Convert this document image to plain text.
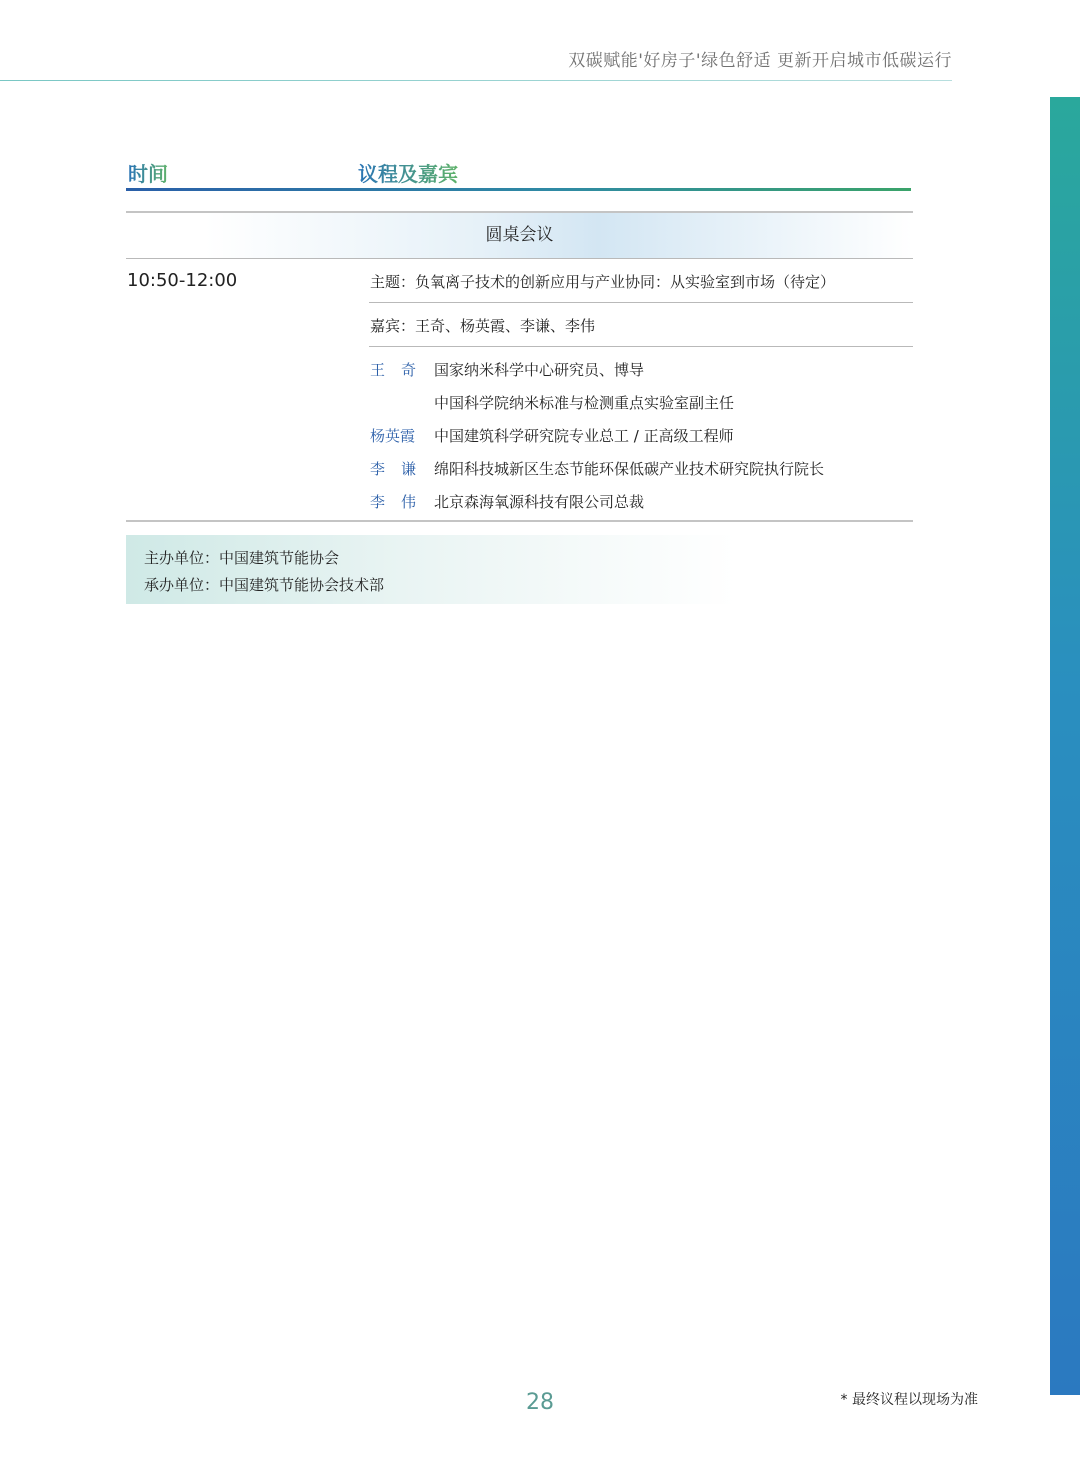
双碳赋能'好房子'绿色舒适 更新开启城市低碳运行
时间	议程及嘉宾
圆桌会议
10:50-12:00	主题：负氧离子技术的创新应用与产业协同：从实验室到市场（待定）
嘉宾：王奇、杨英霞、李谦、李伟
王奇 国家纳米科学中心研究员、博导
中国科学院纳米标准与检测重点实验室副主任
杨英霞	中国建筑科学研究院专业总工 / 正高级工程师
李谦 绵阳科技城新区生态节能环保低碳产业技术研究院执行院长
李伟 北京森海氧源科技有限公司总裁
主办单位：中国建筑节能协会
承办单位：中国建筑节能协会技术部
28	* 最终议程以现场为准
